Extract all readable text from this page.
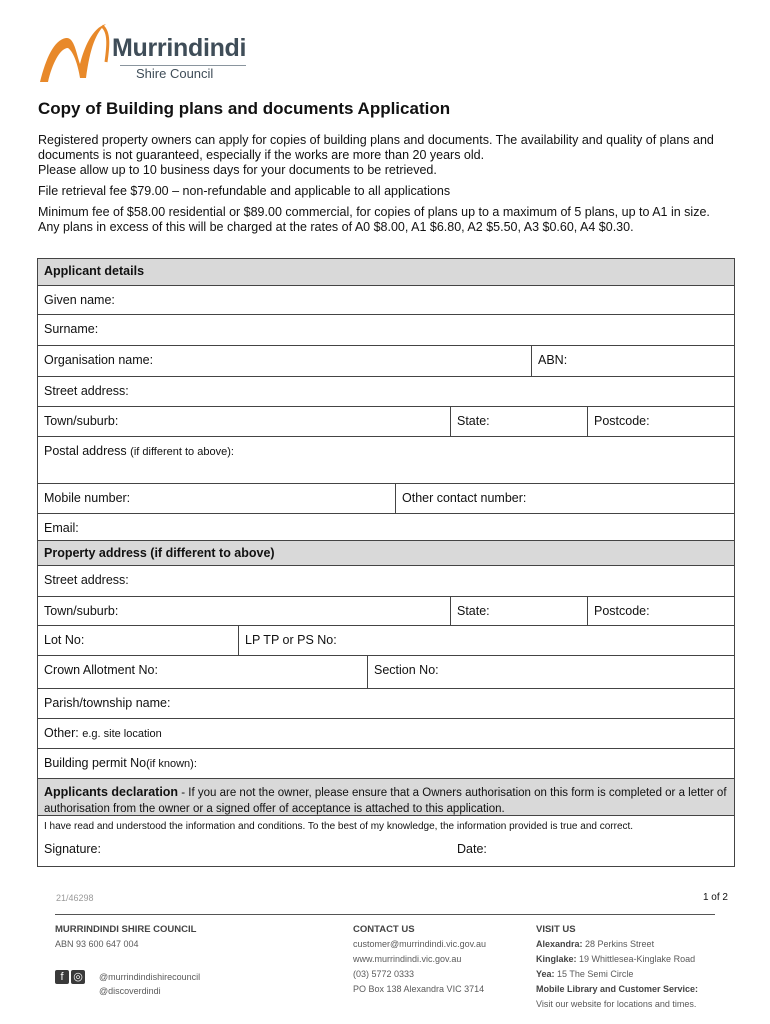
Murrindindi
Shire Council
Copy of Building plans and documents Application

Registered property owners can apply for copies of building plans and documents. The availability and quality of plans and documents is not guaranteed, especially if the works are more than 20 years old.

Please allow up to 10 business days for your documents to be retrieved.

File retrieval fee $79.00 – non-refundable and applicable to all applications

Minimum fee of $58.00 residential or $89.00 commercial, for copies of plans up to a maximum of 5 plans, up to A1 in size.

Any plans in excess of this will be charged at the rates of A0 $8.00, A1 $6.80, A2 $5.50, A3 $0.60, A4 $0.30.

Applicant details
Given name:
Surname:
Organisation name:	ABN:
Street address:
Town/suburb:	State:	Postcode:
Postal address (if different to above):
Mobile number:	Other contact number:
Email:
Property address (if different to above)
Street address:
Town/suburb:	State:	Postcode:
Lot No:	LP TP or PS No:
Crown Allotment No:	Section No:
Parish/township name:
Other: e.g. site location
Building permit No(if known):
Applicants declaration - If you are not the owner, please ensure that a Owners authorisation on this form is completed or a letter of authorisation from the owner or a signed offer of acceptance is attached to this application.
I have read and understood the information and conditions. To the best of my knowledge, the information provided is true and correct.
Signature:	Date:
21/46298	1 of 2
MURRINDINDI SHIRE COUNCIL
ABN 93 600 647 004
f ◎ @murrindindishirecouncil
@discoverdindi
CONTACT US
customer@murrindindi.vic.gov.au
www.murrindindi.vic.gov.au
(03) 5772 0333
PO Box 138 Alexandra VIC 3714
VISIT US
Alexandra: 28 Perkins Street
Kinglake: 19 Whittlesea-Kinglake Road
Yea: 15 The Semi Circle
Mobile Library and Customer Service:
Visit our website for locations and times.
